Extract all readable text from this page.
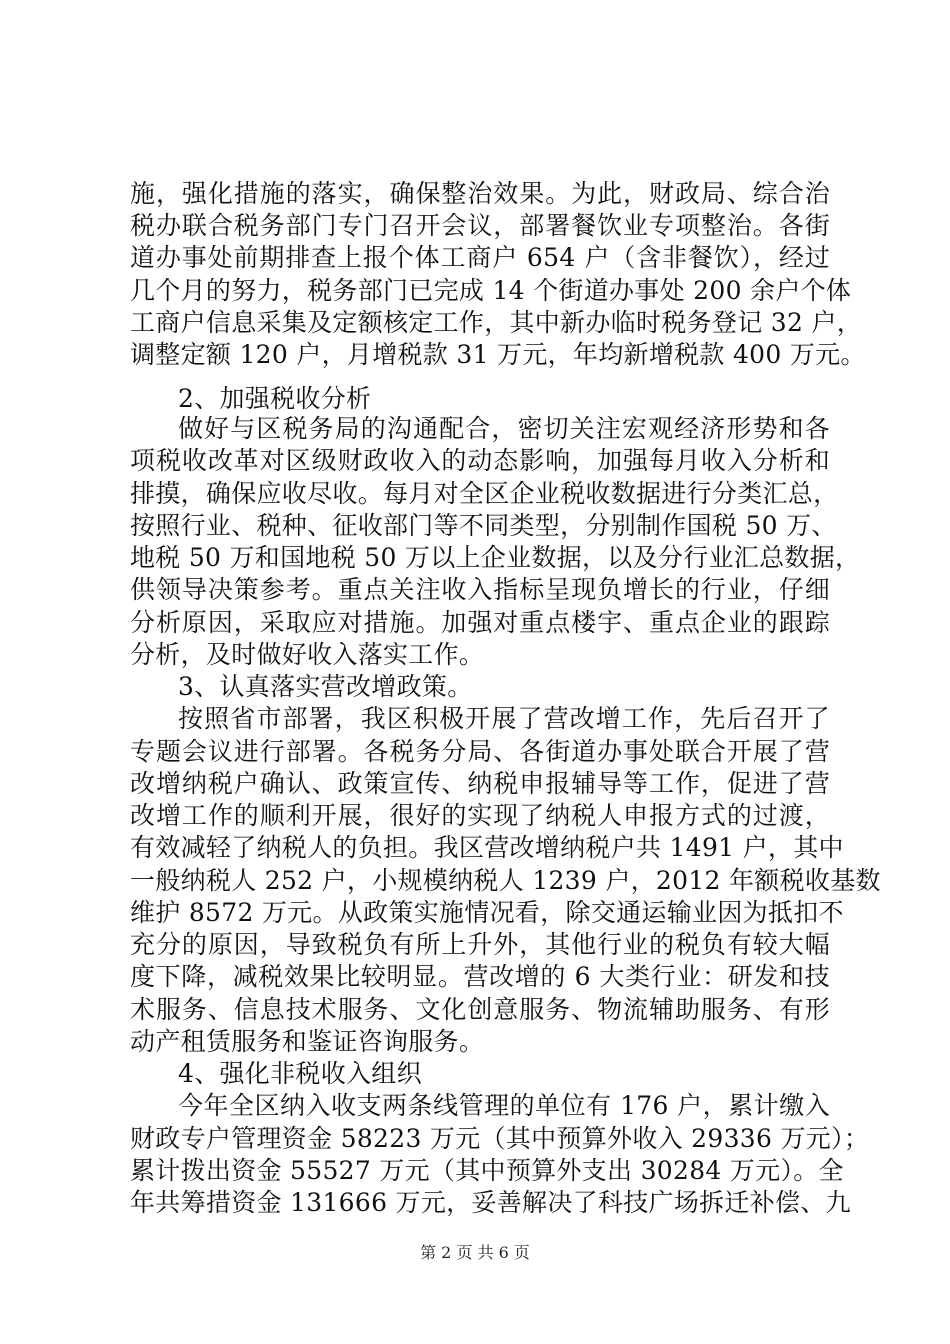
施，强化措施的落实，确保整治效果。为此，财政局、综合治
税办联合税务部门专门召开会议，部署餐饮业专项整治。各街
道办事处前期排查上报个体工商户 654 户（含非餐饮），经过
几个月的努力，税务部门已完成 14 个街道办事处 200 余户个体
工商户信息采集及定额核定工作，其中新办临时税务登记 32 户，
调整定额 120 户，月增税款 31 万元，年均新增税款 400 万元。
2、加强税收分析
做好与区税务局的沟通配合，密切关注宏观经济形势和各
项税收改革对区级财政收入的动态影响，加强每月收入分析和
排摸，确保应收尽收。每月对全区企业税收数据进行分类汇总，
按照行业、税种、征收部门等不同类型，分别制作国税 50 万、
地税 50 万和国地税 50 万以上企业数据，以及分行业汇总数据，
供领导决策参考。重点关注收入指标呈现负增长的行业，仔细
分析原因，采取应对措施。加强对重点楼宇、重点企业的跟踪
分析，及时做好收入落实工作。
3、认真落实营改增政策。
按照省市部署，我区积极开展了营改增工作，先后召开了
专题会议进行部署。各税务分局、各街道办事处联合开展了营
改增纳税户确认、政策宣传、纳税申报辅导等工作，促进了营
改增工作的顺利开展，很好的实现了纳税人申报方式的过渡，
有效减轻了纳税人的负担。我区营改增纳税户共 1491 户，其中
一般纳税人 252 户，小规模纳税人 1239 户，2012 年额税收基数
维护 8572 万元。从政策实施情况看，除交通运输业因为抵扣不
充分的原因，导致税负有所上升外，其他行业的税负有较大幅
度下降，减税效果比较明显。营改增的 6 大类行业：研发和技
术服务、信息技术服务、文化创意服务、物流辅助服务、有形
动产租赁服务和鉴证咨询服务。
4、强化非税收入组织
今年全区纳入收支两条线管理的单位有 176 户，累计缴入
财政专户管理资金 58223 万元（其中预算外收入 29336 万元）；
累计拨出资金 55527 万元（其中预算外支出 30284 万元）。全
年共筹措资金 131666 万元，妥善解决了科技广场拆迁补偿、九
第 2 页 共 6 页
